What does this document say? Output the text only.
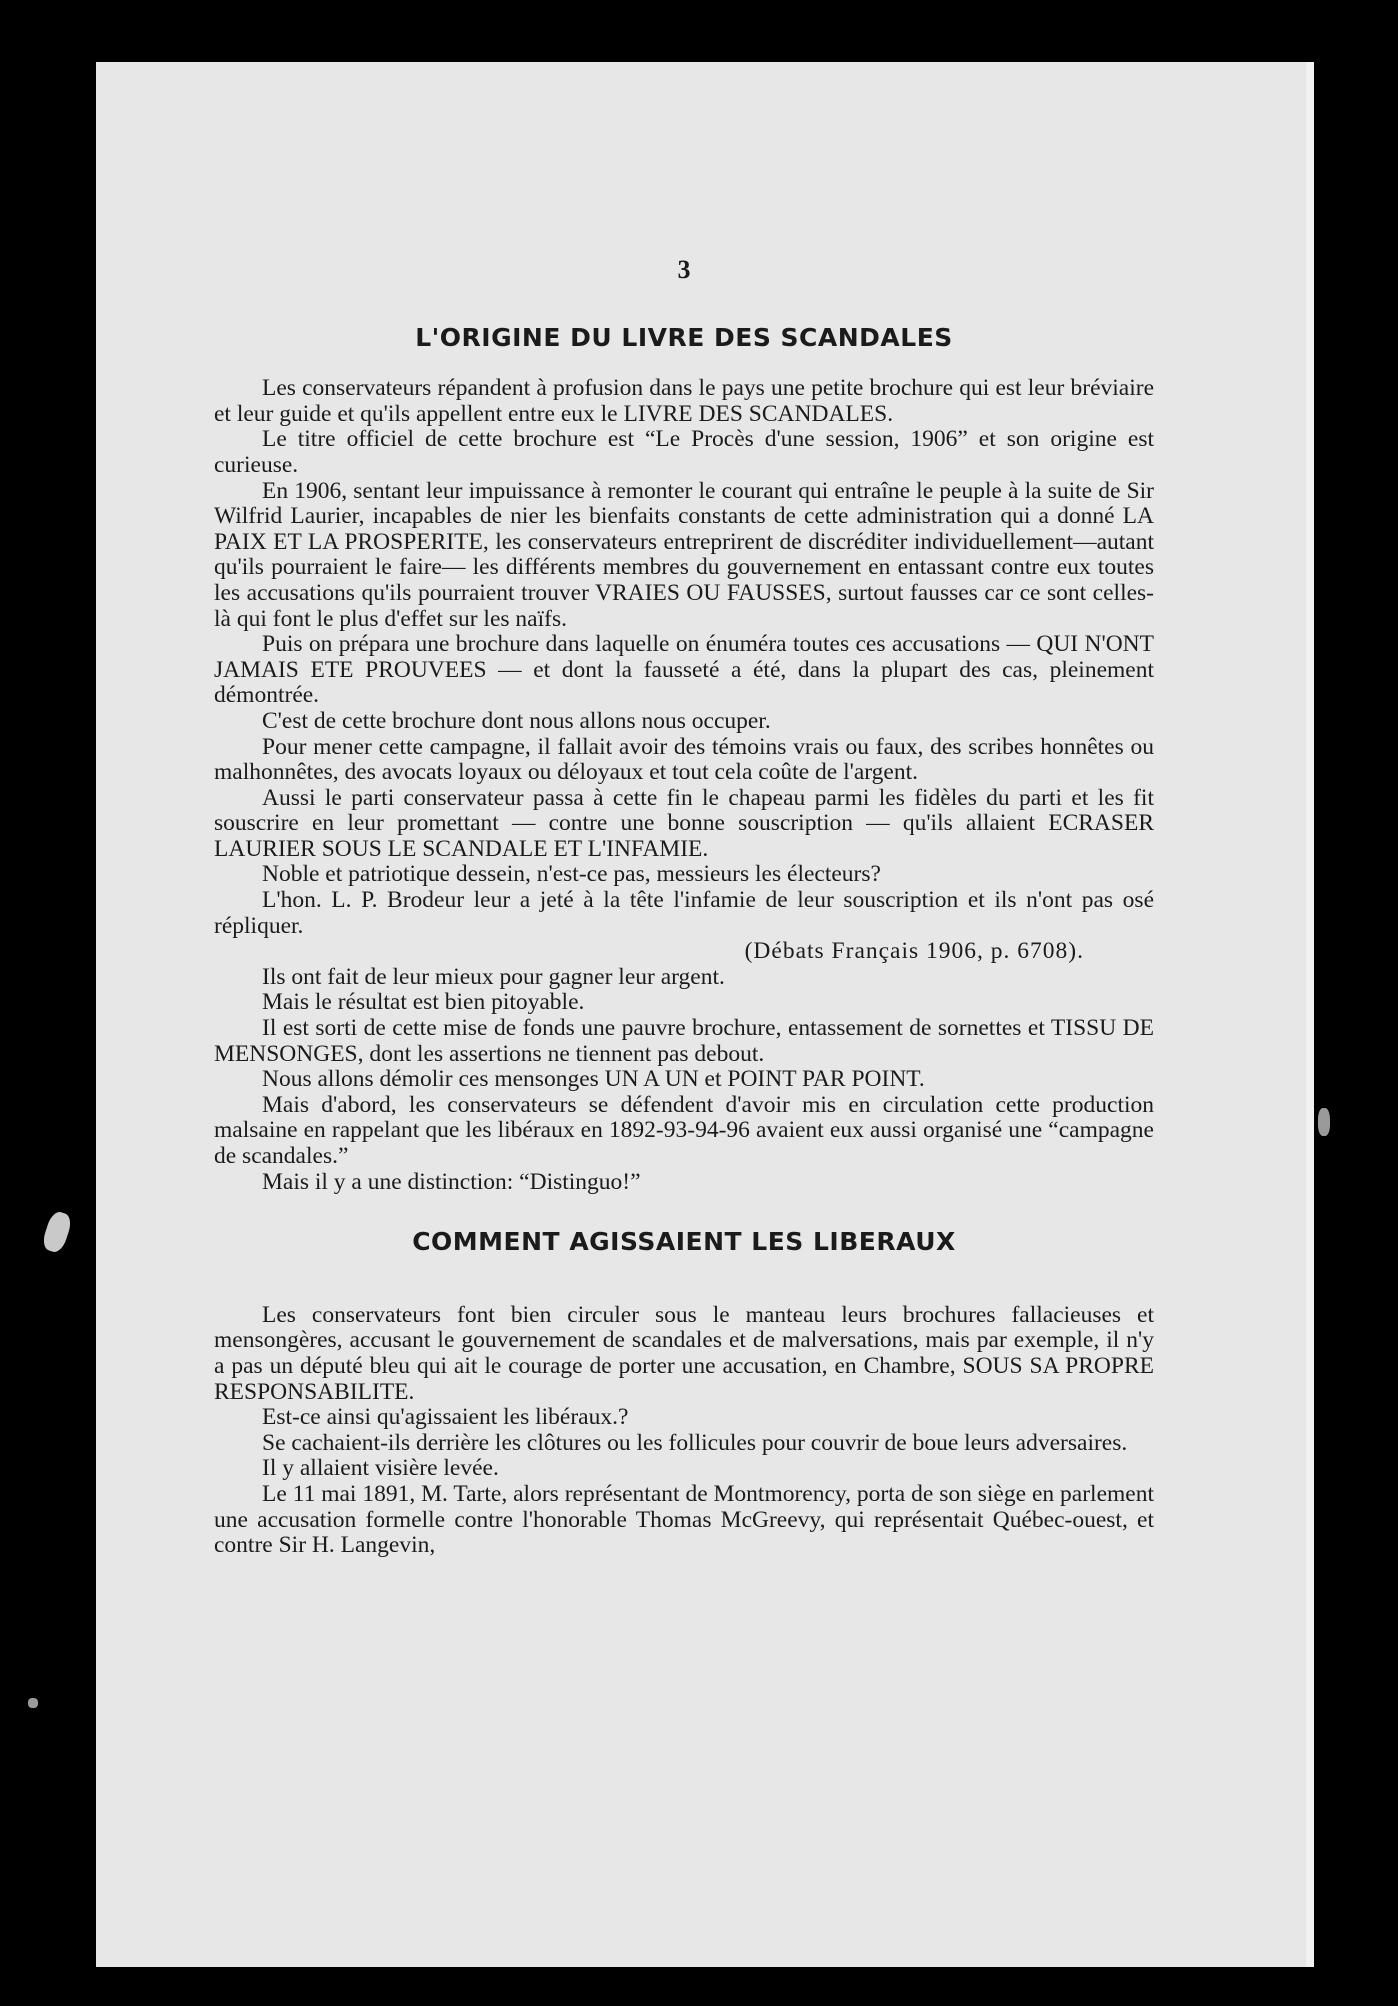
3
L'ORIGINE DU LIVRE DES SCANDALES

Les conservateurs répandent à profusion dans le pays une petite brochure qui est leur bréviaire et leur guide et qu'ils appellent entre eux le LIVRE DES SCANDALES.

Le titre officiel de cette brochure est “Le Procès d'une session, 1906” et son origine est curieuse.

En 1906, sentant leur impuissance à remonter le courant qui entraîne le peuple à la suite de Sir Wilfrid Laurier, incapables de nier les bienfaits constants de cette administration qui a donné LA PAIX ET LA PROSPERITE, les conservateurs entreprirent de discréditer individuellement—autant qu'ils pourraient le faire— les différents membres du gouvernement en entassant contre eux toutes les accusations qu'ils pourraient trouver VRAIES OU FAUSSES, surtout fausses car ce sont celles-là qui font le plus d'effet sur les naïfs.

Puis on prépara une brochure dans laquelle on énuméra toutes ces accusations — QUI N'ONT JAMAIS ETE PROUVEES — et dont la fausseté a été, dans la plupart des cas, pleinement démontrée.

C'est de cette brochure dont nous allons nous occuper.

Pour mener cette campagne, il fallait avoir des témoins vrais ou faux, des scribes honnêtes ou malhonnêtes, des avocats loyaux ou déloyaux et tout cela coûte de l'argent.

Aussi le parti conservateur passa à cette fin le chapeau parmi les fidèles du parti et les fit souscrire en leur promettant — contre une bonne souscription — qu'ils allaient ECRASER LAURIER SOUS LE SCANDALE ET L'INFAMIE.

Noble et patriotique dessein, n'est-ce pas, messieurs les électeurs?

L'hon. L. P. Brodeur leur a jeté à la tête l'infamie de leur souscription et ils n'ont pas osé répliquer.

(Débats Français 1906, p. 6708).

Ils ont fait de leur mieux pour gagner leur argent.

Mais le résultat est bien pitoyable.

Il est sorti de cette mise de fonds une pauvre brochure, entassement de sornettes et TISSU DE MENSONGES, dont les assertions ne tiennent pas debout.

Nous allons démolir ces mensonges UN A UN et POINT PAR POINT.

Mais d'abord, les conservateurs se défendent d'avoir mis en circulation cette production malsaine en rappelant que les libéraux en 1892-93-94-96 avaient eux aussi organisé une “campagne de scandales.”

Mais il y a une distinction: “Distinguo!”

COMMENT AGISSAIENT LES LIBERAUX

Les conservateurs font bien circuler sous le manteau leurs brochures fallacieuses et mensongères, accusant le gouvernement de scandales et de malversations, mais par exemple, il n'y a pas un député bleu qui ait le courage de porter une accusation, en Chambre, SOUS SA PROPRE RESPONSABILITE.

Est-ce ainsi qu'agissaient les libéraux.?

Se cachaient-ils derrière les clôtures ou les follicules pour couvrir de boue leurs adversaires.

Il y allaient visière levée.

Le 11 mai 1891, M. Tarte, alors représentant de Montmorency, porta de son siège en parlement une accusation formelle contre l'honorable Thomas McGreevy, qui représentait Québec-ouest, et contre Sir H. Langevin,
